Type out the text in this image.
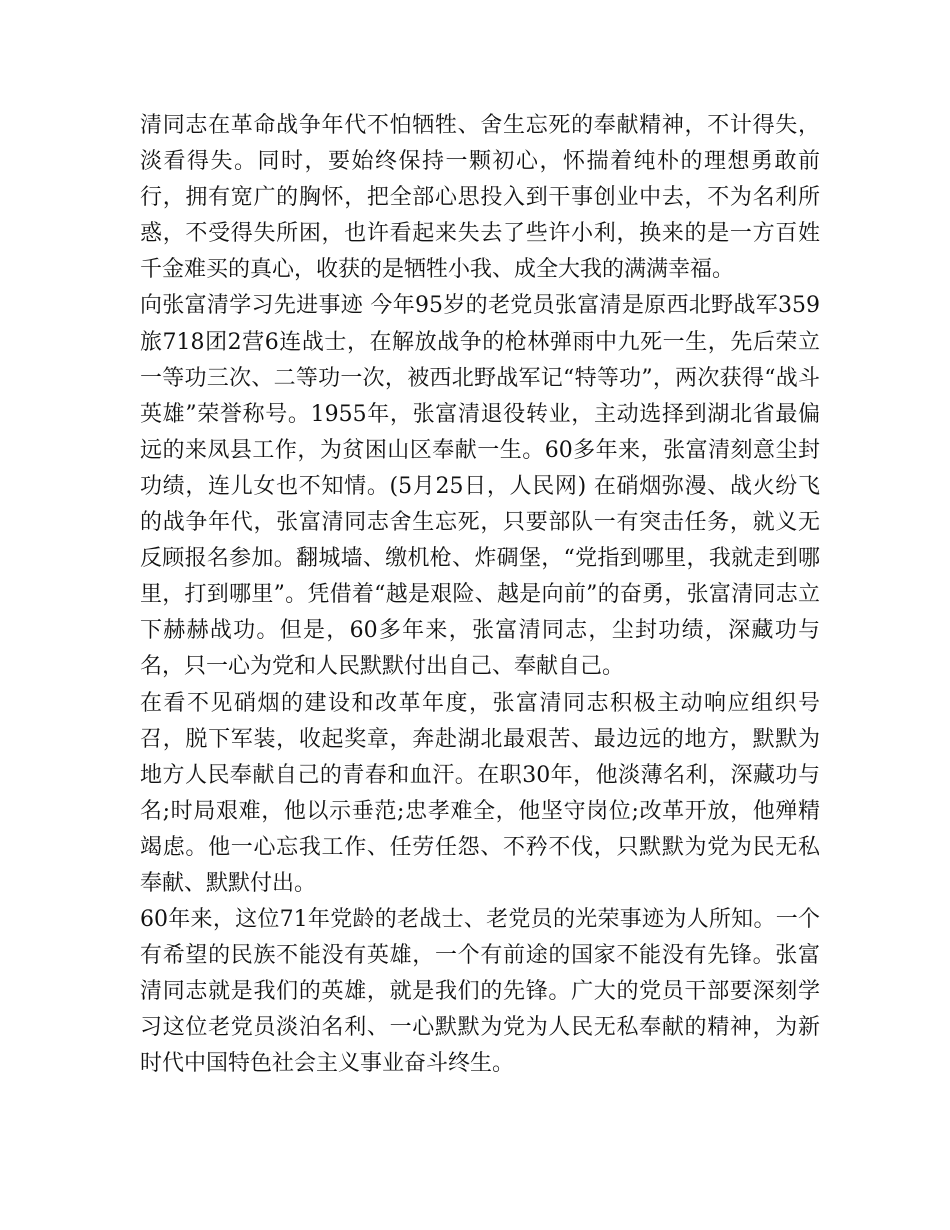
清同志在革命战争年代不怕牺牲、舍生忘死的奉献精神，不计得失，淡看得失。同时，要始终保持一颗初心，怀揣着纯朴的理想勇敢前行，拥有宽广的胸怀，把全部心思投入到干事创业中去，不为名利所惑，不受得失所困，也许看起来失去了些许小利，换来的是一方百姓千金难买的真心，收获的是牺牲小我、成全大我的满满幸福。

向张富清学习先进事迹 今年95岁的老党员张富清是原西北野战军359旅718团2营6连战士，在解放战争的枪林弹雨中九死一生，先后荣立一等功三次、二等功一次，被西北野战军记“特等功”，两次获得“战斗英雄”荣誉称号。1955年，张富清退役转业，主动选择到湖北省最偏远的来凤县工作，为贫困山区奉献一生。60多年来，张富清刻意尘封功绩，连儿女也不知情。(5月25日，人民网) 在硝烟弥漫、战火纷飞的战争年代，张富清同志舍生忘死，只要部队一有突击任务，就义无反顾报名参加。翻城墙、缴机枪、炸碉堡，“党指到哪里，我就走到哪里，打到哪里”。凭借着“越是艰险、越是向前”的奋勇，张富清同志立下赫赫战功。但是，60多年来，张富清同志，尘封功绩，深藏功与名，只一心为党和人民默默付出自己、奉献自己。

在看不见硝烟的建设和改革年度，张富清同志积极主动响应组织号召，脱下军装，收起奖章，奔赴湖北最艰苦、最边远的地方，默默为地方人民奉献自己的青春和血汗。在职30年，他淡薄名利，深藏功与名;时局艰难，他以示垂范;忠孝难全，他坚守岗位;改革开放，他殚精竭虑。他一心忘我工作、任劳任怨、不矜不伐，只默默为党为民无私奉献、默默付出。

60年来，这位71年党龄的老战士、老党员的光荣事迹为人所知。一个有希望的民族不能没有英雄，一个有前途的国家不能没有先锋。张富清同志就是我们的英雄，就是我们的先锋。广大的党员干部要深刻学习这位老党员淡泊名利、一心默默为党为人民无私奉献的精神，为新时代中国特色社会主义事业奋斗终生。
